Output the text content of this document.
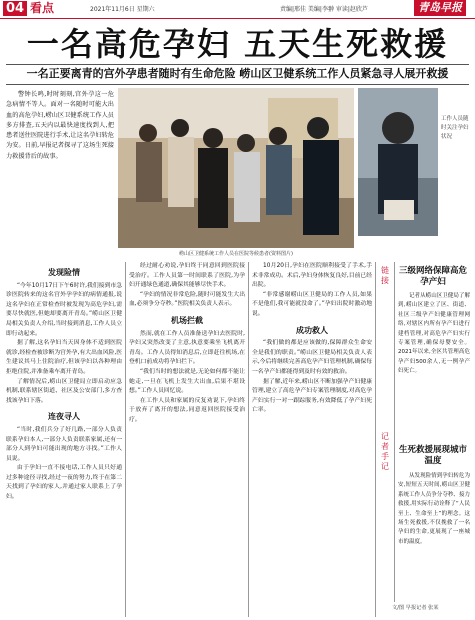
04 看点	2021年11月6日 星期六	责编|邢佳 美编|李翀 审读|赵欣芦	青岛早报
一名高危孕妇 五天生死救援
一名正要离青的宫外孕患者随时有生命危险 崂山区卫健系统工作人员紧急寻人展开救援
警钟长鸣,时时刻刻,宫外孕这一危急病情不等人。面对一名随时可能大出血的高危孕妇,崂山区卫健系统工作人员多方排查,五天内以最快速度找到人,把患者送往医院进行手术,让这名孕妇转危为安。日前,早报记者探寻了这场生死接力救援背后的故事。
崂山区卫健系统工作人员在医院等候患者(资料图片)
工作人员随时关注孕妇状况
发现险情

“今年10月17日下午6时许,我们接到市急诊医院转来的这名宫外孕孕妇的病情通报,说这名孕妇在正常检查时被发现为高危孕妇,需要尽快就医,但她却要离开青岛。”崂山区卫健局相关负责人介绍,当时接到消息,工作人员立即行动起来。

据了解,这名孕妇当天因身体不适到医院就诊,经检查被诊断为宫外孕,有大出血风险,医生建议其马上住院治疗,但该孕妇以各种理由拒绝住院,并准备乘车离开青岛。

了解情况后,崂山区卫健局立即启动应急机制,联系辖区街道、社区及公安部门,多方查找该孕妇下落。

连夜寻人

“当时,我们兵分了好几路,一部分人负责联系孕妇本人,一部分人负责联系家属,还有一部分人到孕妇可能出现的地方寻找。”工作人员说。

由于孕妇一直不接电话,工作人员只好通过多种途径寻找,经过一夜的努力,终于在第二天找到了孕妇的家人,并通过家人联系上了孕妇。

经过耐心劝说,孕妇终于同意回到医院接受治疗。工作人员第一时间联系了医院,为孕妇开通绿色通道,确保其能够尽快手术。

“孕妇的情况非常危险,随时可能发生大出血,必须争分夺秒。”医院相关负责人表示。

机场拦截

然而,就在工作人员准备送孕妇去医院时,孕妇又突然改变了主意,执意要乘坐飞机离开青岛。工作人员得知消息后,立即赶往机场,在登机口前成功将孕妇拦下。

“我们当时的想法就是,无论如何都不能让她走,一旦在飞机上发生大出血,后果不堪设想。”工作人员回忆说。

在工作人员和家属的反复劝说下,孕妇终于放弃了离开的想法,同意返回医院接受治疗。

10月20日,孕妇在医院顺利接受了手术,手术非常成功。术后,孕妇身体恢复良好,目前已经出院。

“非常感谢崂山区卫健局的工作人员,如果不是他们,我可能就没命了。”孕妇出院时激动地说。

成功救人

“我们做的都是应该做的,保障群众生命安全是我们的职责。”崂山区卫健局相关负责人表示,今后将继续完善高危孕产妇管理机制,确保每一名孕产妇都能得到及时有效的救治。

据了解,近年来,崂山区不断加强孕产妇健康管理,建立了高危孕产妇专案管理制度,对高危孕产妇实行一对一跟踪服务,有效降低了孕产妇死亡率。

链接
记者手记
三级网络保障高危孕产妇

记者从崂山区卫健局了解到,崂山区建立了区、街道、社区三级孕产妇健康管理网络,对辖区内所有孕产妇进行建档管理,对高危孕产妇实行专案管理,确保母婴安全。2021年以来,全区共管理高危孕产妇500余人,无一例孕产妇死亡。

生死救援展现城市温度

从发现险情到孕妇转危为安,短短五天时间,崂山区卫健系统工作人员争分夺秒、接力救援,用实际行动诠释了“人民至上、生命至上”的理念。这场生死救援,不仅挽救了一名孕妇的生命,更展现了一座城市的温度。

文/图 早报记者 张某
